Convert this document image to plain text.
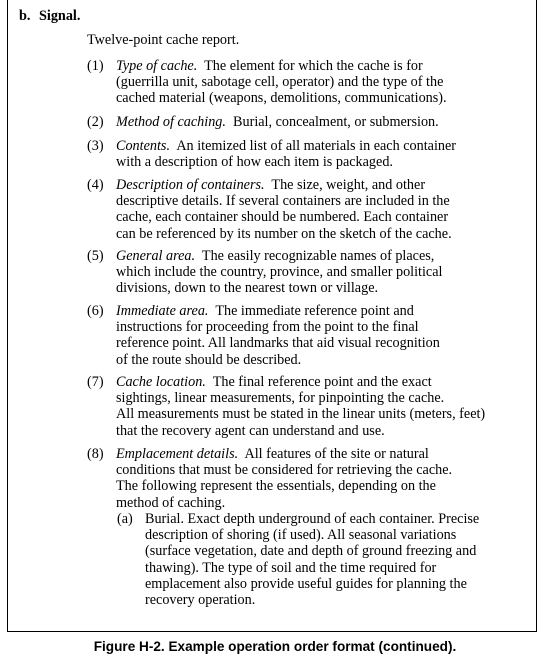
b. Signal.
Twelve-point cache report.
(1) Type of cache. The element for which the cache is for
(guerrilla unit, sabotage cell, operator) and the type of the
cached material (weapons, demolitions, communications).
(2) Method of caching. Burial, concealment, or submersion.
(3) Contents. An itemized list of all materials in each container
with a description of how each item is packaged.
(4) Description of containers. The size, weight, and other
descriptive details. If several containers are included in the
cache, each container should be numbered. Each container
can be referenced by its number on the sketch of the cache.
(5) General area. The easily recognizable names of places,
which include the country, province, and smaller political
divisions, down to the nearest town or village.
(6) Immediate area. The immediate reference point and
instructions for proceeding from the point to the final
reference point. All landmarks that aid visual recognition
of the route should be described.
(7) Cache location. The final reference point and the exact
sightings, linear measurements, for pinpointing the cache.
All measurements must be stated in the linear units (meters, feet)
that the recovery agent can understand and use.
(8) Emplacement details. All features of the site or natural
conditions that must be considered for retrieving the cache.
The following represent the essentials, depending on the
method of caching.
(a) Burial. Exact depth underground of each container. Precise
description of shoring (if used). All seasonal variations
(surface vegetation, date and depth of ground freezing and
thawing). The type of soil and the time required for
emplacement also provide useful guides for planning the
recovery operation.
Figure H-2. Example operation order format (continued).
